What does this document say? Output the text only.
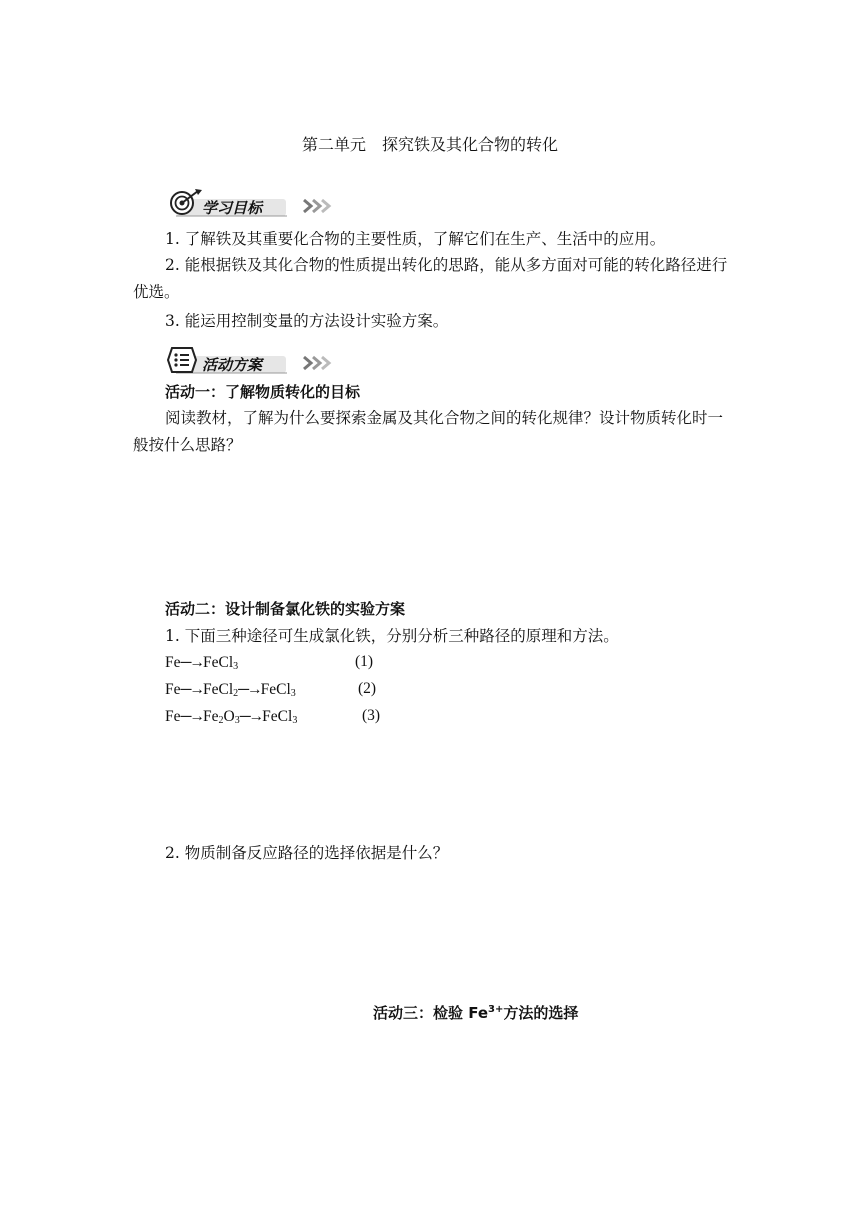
第二单元　探究铁及其化合物的转化
学习目标
1. 了解铁及其重要化合物的主要性质，了解它们在生产、生活中的应用。
2. 能根据铁及其化合物的性质提出转化的思路，能从多方面对可能的转化路径进行优选。
3. 能运用控制变量的方法设计实验方案。
活动方案
活动一：了解物质转化的目标
阅读教材，了解为什么要探索金属及其化合物之间的转化规律？设计物质转化时一般按什么思路？
活动二：设计制备氯化铁的实验方案
1. 下面三种途径可生成氯化铁，分别分析三种路径的原理和方法。
Fe─→FeCl$_3$	(1)
Fe─→FeCl$_2$─→FeCl$_3$	(2)
$Fe─\to Fe_2O_3─\to FeCl_3$	(3)
2. 物质制备反应路径的选择依据是什么？
活动三：检验 $Fe^{3+}$方法的选择
